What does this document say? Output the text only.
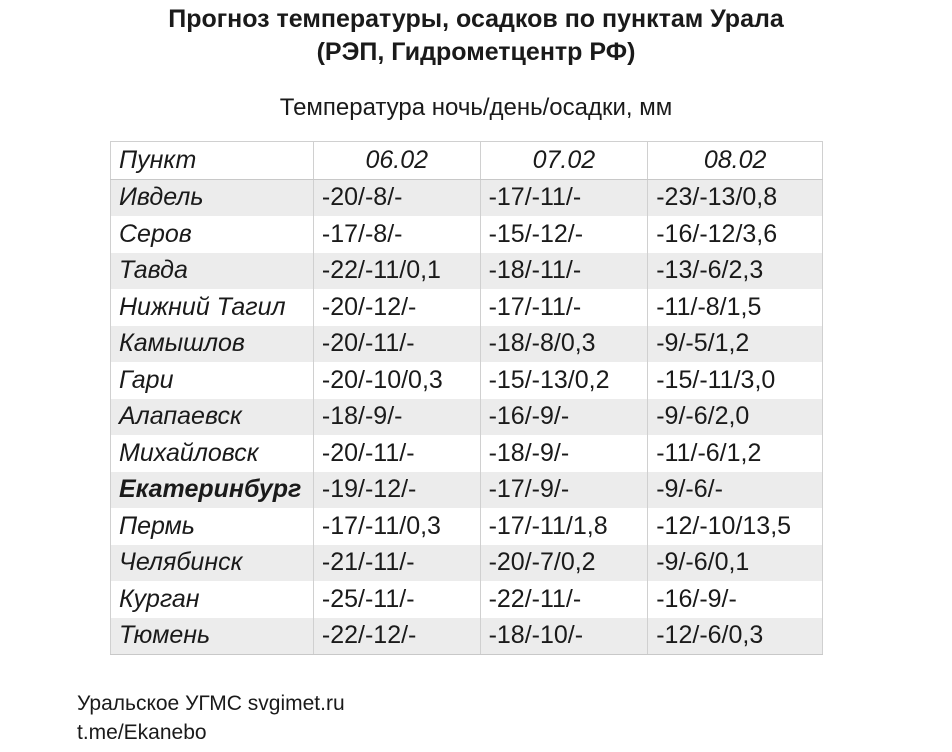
Прогноз температуры, осадков по пунктам Урала
(РЭП, Гидрометцентр РФ)
Температура ночь/день/осадки, мм
Пункт	06.02	07.02	08.02
Ивдель	-20/-8/-	-17/-11/-	-23/-13/0,8
Серов	-17/-8/-	-15/-12/-	-16/-12/3,6
Тавда	-22/-11/0,1	-18/-11/-	-13/-6/2,3
Нижний Тагил	-20/-12/-	-17/-11/-	-11/-8/1,5
Камышлов	-20/-11/-	-18/-8/0,3	-9/-5/1,2
Гари	-20/-10/0,3	-15/-13/0,2	-15/-11/3,0
Алапаевск	-18/-9/-	-16/-9/-	-9/-6/2,0
Михайловск	-20/-11/-	-18/-9/-	-11/-6/1,2
Екатеринбург	-19/-12/-	-17/-9/-	-9/-6/-
Пермь	-17/-11/0,3	-17/-11/1,8	-12/-10/13,5
Челябинск	-21/-11/-	-20/-7/0,2	-9/-6/0,1
Курган	-25/-11/-	-22/-11/-	-16/-9/-
Тюмень	-22/-12/-	-18/-10/-	-12/-6/0,3
Уральское УГМС svgimet.ru
t.me/Ekanebo
